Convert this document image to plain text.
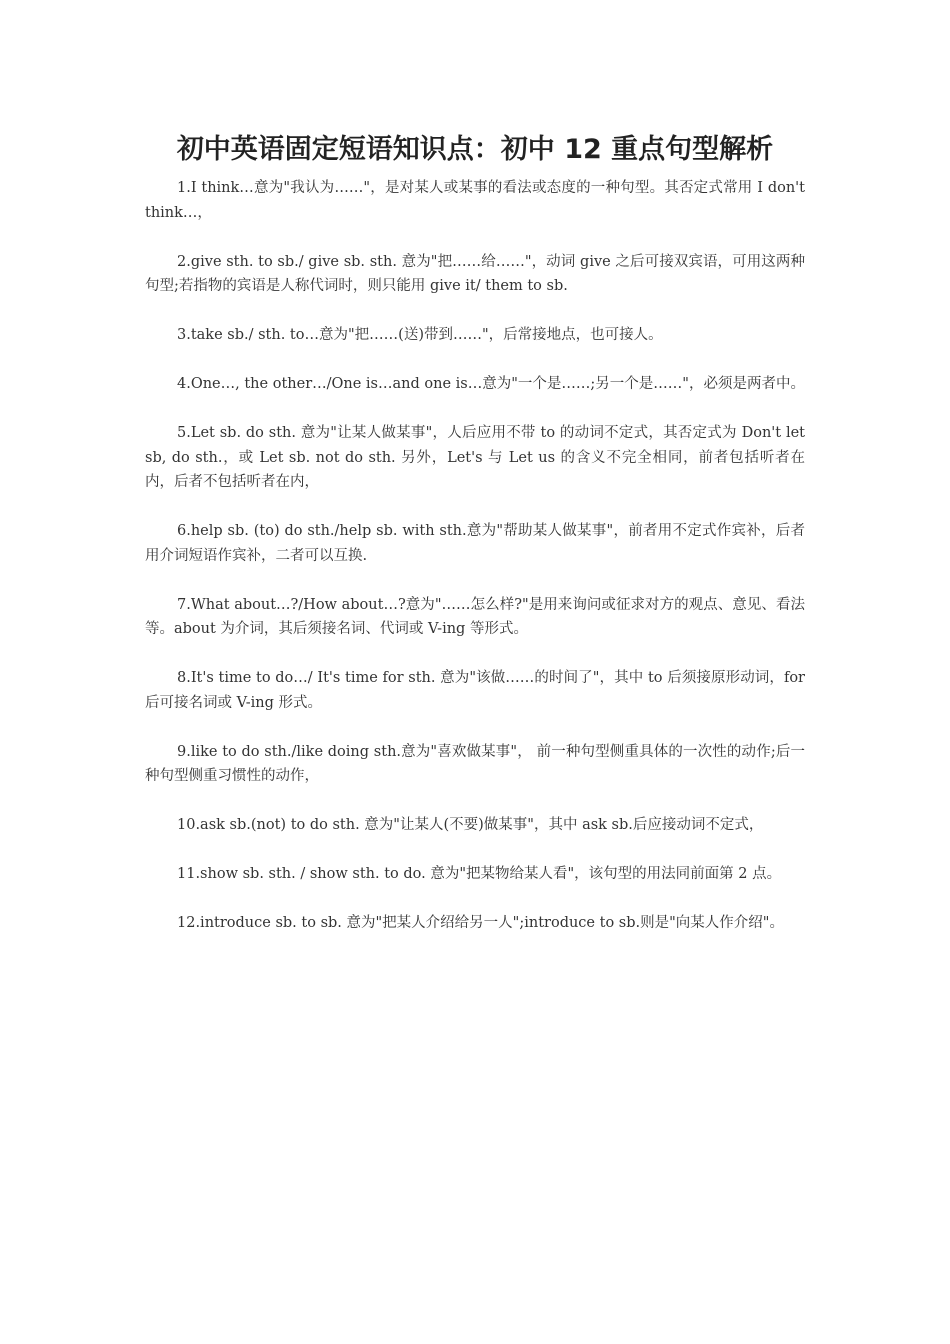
初中英语固定短语知识点：初中 12 重点句型解析

1.I think…意为"我认为……"，是对某人或某事的看法或态度的一种句型。其否定式常用 I don't think…，

2.give sth. to sb./ give sb. sth. 意为"把……给……"，动词 give 之后可接双宾语，可用这两种句型;若指物的宾语是人称代词时，则只能用 give it/ them to sb.

3.take sb./ sth. to…意为"把……(送)带到……"，后常接地点，也可接人。

4.One…, the other…/One is…and one is…意为"一个是……;另一个是……"，必须是两者中。

5.Let sb. do sth. 意为"让某人做某事"，人后应用不带 to 的动词不定式，其否定式为 Don't let sb, do sth.，或 Let sb. not do sth. 另外，Let's 与 Let us 的含义不完全相同，前者包括听者在内，后者不包括听者在内，

6.help sb. (to) do sth./help sb. with sth.意为"帮助某人做某事"，前者用不定式作宾补，后者用介词短语作宾补，二者可以互换.

7.What about…?/How about…?意为"……怎么样?"是用来询问或征求对方的观点、意见、看法等。about 为介词，其后须接名词、代词或 V-ing 等形式。

8.It's time to do…/ It's time for sth. 意为"该做……的时间了"，其中 to 后须接原形动词，for 后可接名词或 V-ing 形式。

9.like to do sth./like doing sth.意为"喜欢做某事"， 前一种句型侧重具体的一次性的动作;后一种句型侧重习惯性的动作，

10.ask sb.(not) to do sth. 意为"让某人(不要)做某事"，其中 ask sb.后应接动词不定式，

11.show sb. sth. / show sth. to do. 意为"把某物给某人看"，该句型的用法同前面第 2 点。

12.introduce sb. to sb. 意为"把某人介绍给另一人";introduce to sb.则是"向某人作介绍"。
